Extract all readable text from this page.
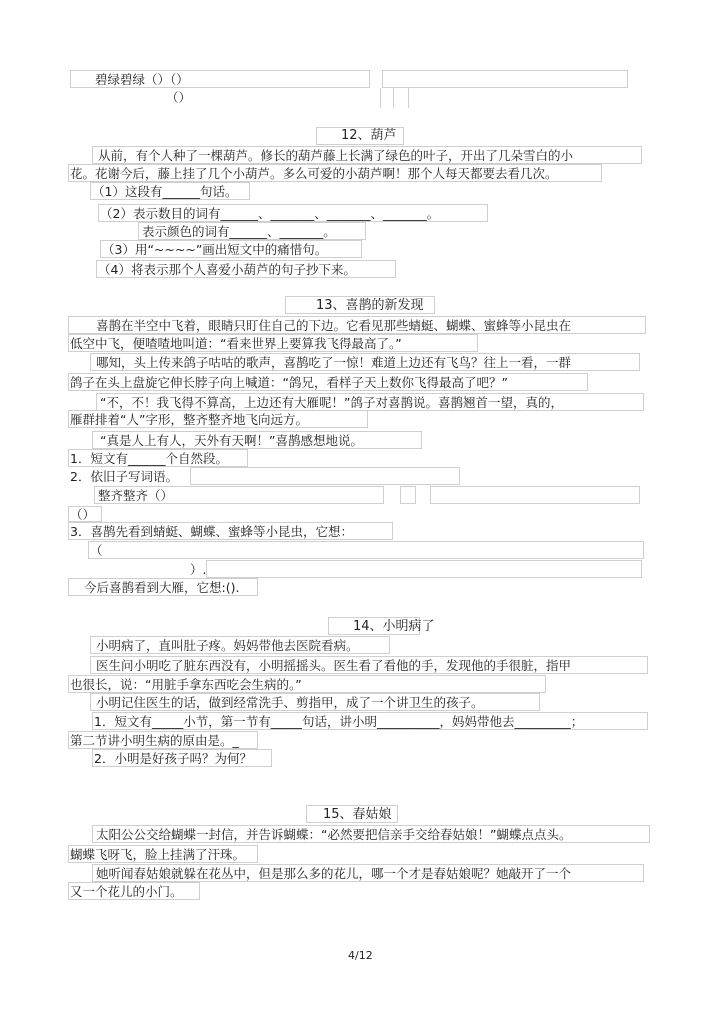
碧绿碧绿（）（）
（）
12、葫芦
从前，有个人种了一棵葫芦。修长的葫芦藤上长满了绿色的叶子，开出了几朵雪白的小
花。花谢今后，藤上挂了几个小葫芦。多么可爱的小葫芦啊！那个人每天都要去看几次。
（1）这段有______句话。
（2）表示数目的词有______、_______、_______、_______。
表示颜色的词有______、_______。
（3）用“~~~~”画出短文中的痛惜句。
（4）将表示那个人喜爱小葫芦的句子抄下来。
13、喜鹊的新发现
喜鹊在半空中飞着，眼睛只盯住自己的下边。它看见那些蜻蜓、蝴蝶、蜜蜂等小昆虫在
低空中飞，便喳喳地叫道：“看来世界上要算我飞得最高了。”
哪知，头上传来鸽子咕咕的歌声，喜鹊吃了一惊！难道上边还有飞鸟？往上一看，一群
鸽子在头上盘旋它伸长脖子向上喊道：“鸽兄，看样子天上数你飞得最高了吧？”
“不，不！我飞得不算高，上边还有大雁呢！”鸽子对喜鹊说。喜鹊翘首一望，真的，
雁群排着“人”字形，整齐整齐地飞向远方。
“真是人上有人，天外有天啊！”喜鹊感想地说。
1．短文有______个自然段。
2．依旧子写词语。
整齐整齐（）
（）
3．喜鹊先看到蜻蜓、蝴蝶、蜜蜂等小昆虫，它想：
（
）.
今后喜鹊看到大雁，它想:().
14、小明病了
小明病了，直叫肚子疼。妈妈带他去医院看病。
医生问小明吃了脏东西没有，小明摇摇头。医生看了看他的手，发现他的手很脏，指甲
也很长，说：“用脏手拿东西吃会生病的。”
小明记住医生的话，做到经常洗手、剪指甲，成了一个讲卫生的孩子。
1．短文有_____小节，第一节有_____句话，讲小明__________，妈妈带他去_________；
第二节讲小明生病的原由是。_
2．小明是好孩子吗？为何？
15、春姑娘
太阳公公交给蝴蝶一封信，并告诉蝴蝶：“必然要把信亲手交给春姑娘！”蝴蝶点点头。
蝴蝶飞呀飞，脸上挂满了汗珠。
她听闻春姑娘就躲在花丛中，但是那么多的花儿，哪一个才是春姑娘呢？她敲开了一个
又一个花儿的小门。
4/12
